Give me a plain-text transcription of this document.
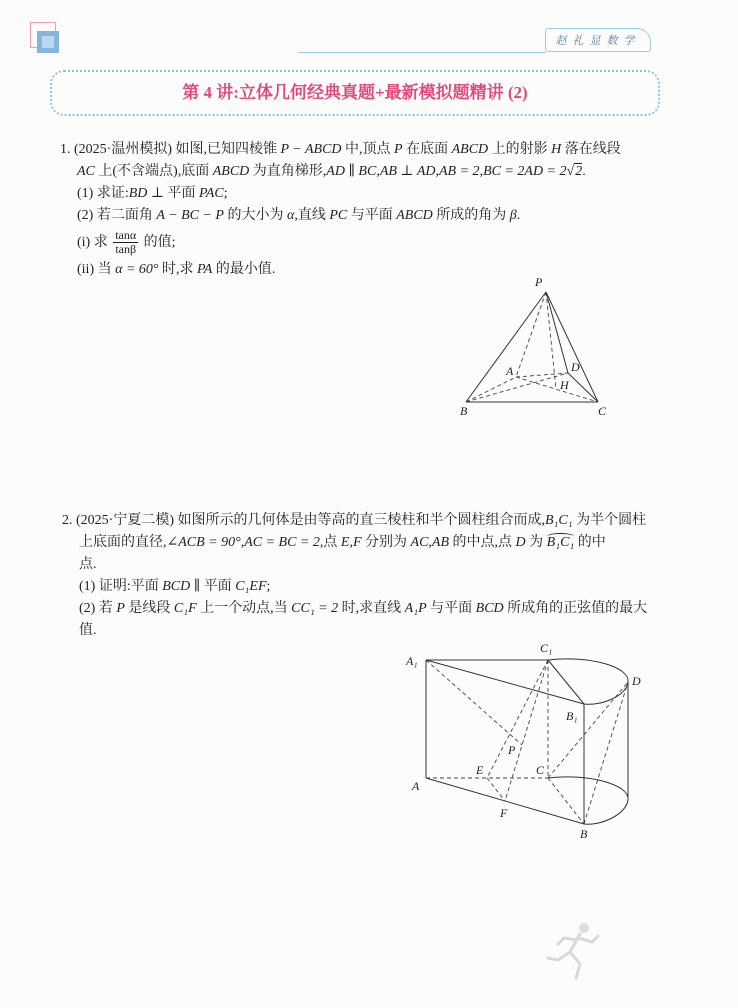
赵礼显数学
第 4 讲:立体几何经典真题+最新模拟题精讲 (2)
1. (2025·温州模拟) 如图,已知四棱锥 P − ABCD 中,顶点 P 在底面 ABCD 上的射影 H 落在线段
AC 上(不含端点),底面 ABCD 为直角梯形,AD ∥ BC,AB ⊥ AD,AB = 2,BC = 2AD = 2√2.
(1) 求证:BD ⊥ 平面 PAC;
(2) 若二面角 A − BC − P 的大小为 α,直线 PC 与平面 ABCD 所成的角为 β.
(i) 求 $\frac{\tan\alpha}{\tan\beta}$ 的值;
(ii) 当 α = 60° 时,求 PA 的最小值.
P
A	D
H
B	C
2. (2025·宁夏二模) 如图所示的几何体是由等高的直三棱柱和半个圆柱组合而成,B₁C₁ 为半个圆柱
上底面的直径,∠ACB = 90°,AC = BC = 2,点 E,F 分别为 AC,AB 的中点,点 D 为 B₁C₁ 的中
点.
(1) 证明:平面 BCD ∥ 平面 C₁EF;
(2) 若 P 是线段 C₁F 上一个动点,当 CC₁ = 2 时,求直线 A₁P 与平面 BCD 所成角的正弦值的最大
值.
A₁
C₁
D
B₁
P
E	C
A
F
B
